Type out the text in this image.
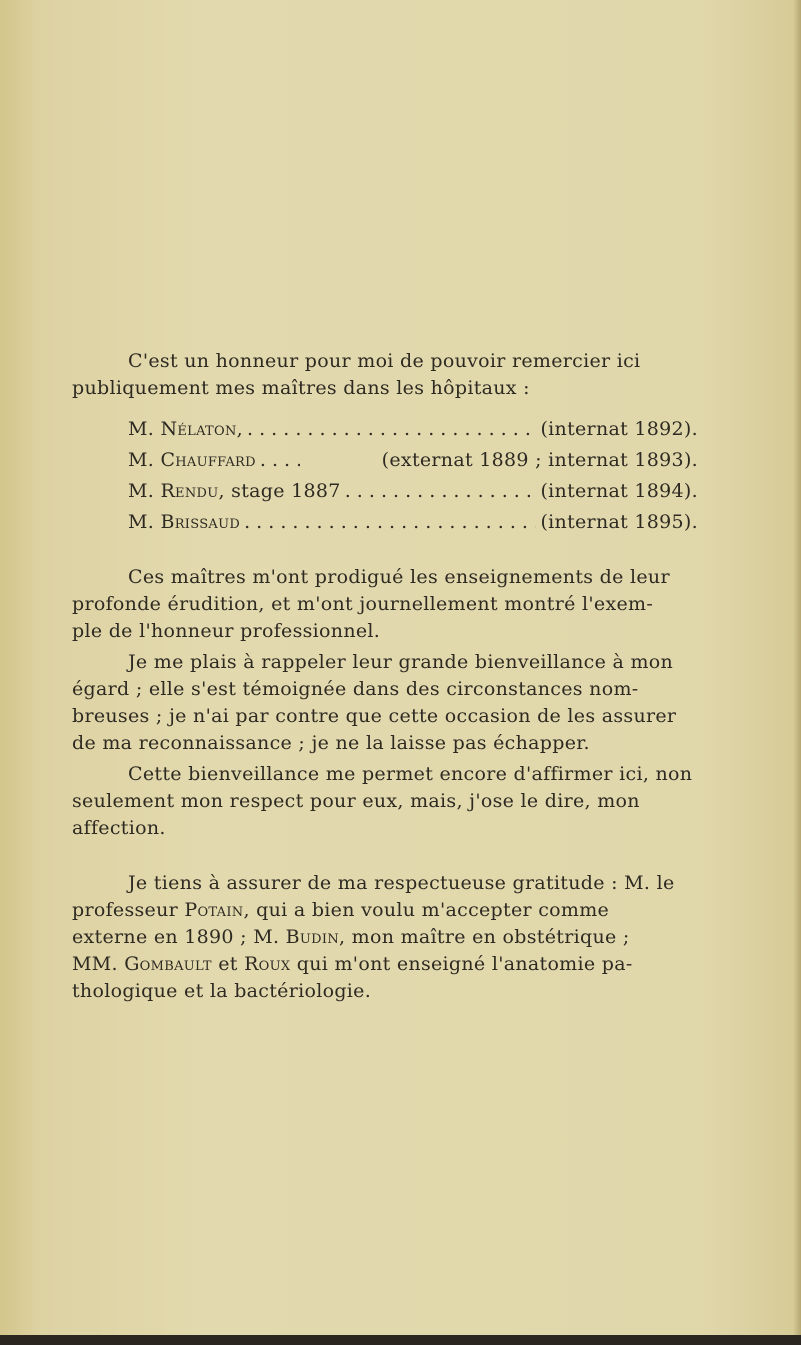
C'est un honneur pour moi de pouvoir remercier ici
publiquement mes maîtres dans les hôpitaux :

M. Nélaton, . . .	(internat 1892).
M. Chauffard . . .	(externat 1889 ; internat 1893).
M. Rendu, stage 1887 . . .	(internat 1894).
M. Brissaud . . .	(internat 1895).

Ces maîtres m'ont prodigué les enseignements de leur
profonde érudition, et m'ont journellement montré l'exem-
ple de l'honneur professionnel.

Je me plais à rappeler leur grande bienveillance à mon
égard ; elle s'est témoignée dans des circonstances nom-
breuses ; je n'ai par contre que cette occasion de les assurer
de ma reconnaissance ; je ne la laisse pas échapper.

Cette bienveillance me permet encore d'affirmer ici, non
seulement mon respect pour eux, mais, j'ose le dire, mon
affection.

Je tiens à assurer de ma respectueuse gratitude : M. le
professeur Potain, qui a bien voulu m'accepter comme
externe en 1890 ; M. Budin, mon maître en obstétrique ;
MM. Gombault et Roux qui m'ont enseigné l'anatomie pa-
thologique et la bactériologie.
